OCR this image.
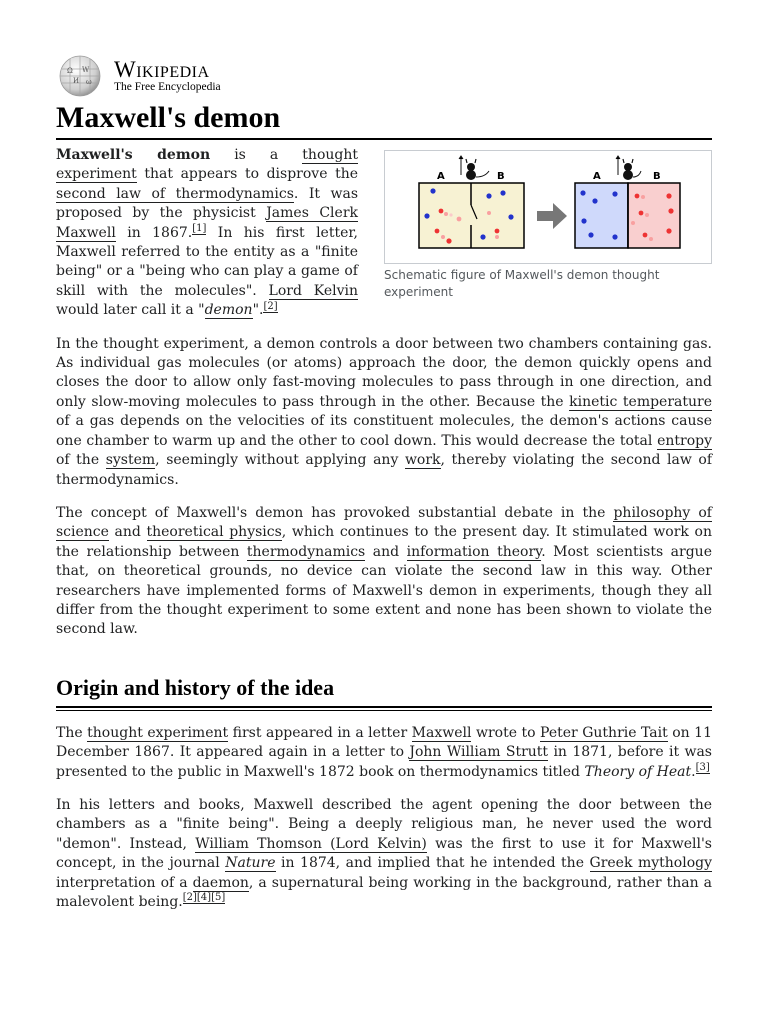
Ω W
И ω Wikipedia
The Free Encyclopedia
Maxwell's demon
A	B	A	B
Schematic figure of Maxwell's demon thought experiment

Maxwell's demon is a thought experiment that appears to disprove the second law of thermodynamics. It was proposed by the physicist James Clerk Maxwell in 1867.[1] In his first letter, Maxwell referred to the entity as a "finite being" or a "being who can play a game of skill with the molecules". Lord Kelvin would later call it a "demon".[2]

In the thought experiment, a demon controls a door between two chambers containing gas. As individual gas molecules (or atoms) approach the door, the demon quickly opens and closes the door to allow only fast-moving molecules to pass through in one direction, and only slow-moving molecules to pass through in the other. Because the kinetic temperature of a gas depends on the velocities of its constituent molecules, the demon's actions cause one chamber to warm up and the other to cool down. This would decrease the total entropy of the system, seemingly without applying any work, thereby violating the second law of thermodynamics.

The concept of Maxwell's demon has provoked substantial debate in the philosophy of science and theoretical physics, which continues to the present day. It stimulated work on the relationship between thermodynamics and information theory. Most scientists argue that, on theoretical grounds, no device can violate the second law in this way. Other researchers have implemented forms of Maxwell's demon in experiments, though they all differ from the thought experiment to some extent and none has been shown to violate the second law.

Origin and history of the idea

The thought experiment first appeared in a letter Maxwell wrote to Peter Guthrie Tait on 11 December 1867. It appeared again in a letter to John William Strutt in 1871, before it was presented to the public in Maxwell's 1872 book on thermodynamics titled Theory of Heat.[3]

In his letters and books, Maxwell described the agent opening the door between the chambers as a "finite being". Being a deeply religious man, he never used the word "demon". Instead, William Thomson (Lord Kelvin) was the first to use it for Maxwell's concept, in the journal Nature in 1874, and implied that he intended the Greek mythology interpretation of a daemon, a supernatural being working in the background, rather than a malevolent being.[2][4][5]
